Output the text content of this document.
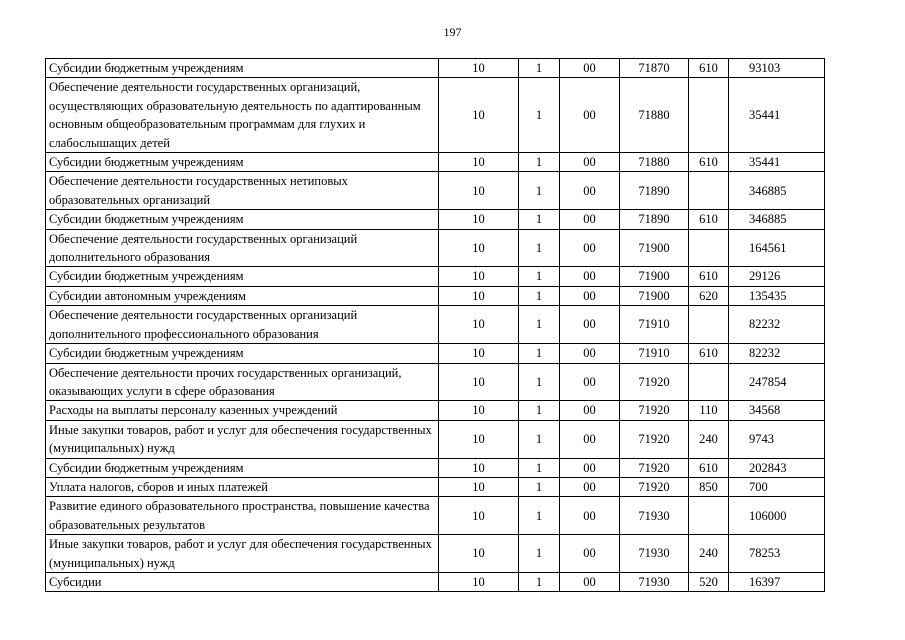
197
Субсидии бюджетным учреждениям	10	1	00	71870	610	93103
Обеспечение деятельности государственных организаций, осуществляющих образовательную деятельность по адаптированным основным общеобразовательным программам для глухих и слабослышащих детей	10	1	00	71880		35441
Субсидии бюджетным учреждениям	10	1	00	71880	610	35441
Обеспечение деятельности государственных нетиповых образовательных организаций	10	1	00	71890		346885
Субсидии бюджетным учреждениям	10	1	00	71890	610	346885
Обеспечение деятельности государственных организаций дополнительного образования	10	1	00	71900		164561
Субсидии бюджетным учреждениям	10	1	00	71900	610	29126
Субсидии автономным учреждениям	10	1	00	71900	620	135435
Обеспечение деятельности государственных организаций дополнительного профессионального образования	10	1	00	71910		82232
Субсидии бюджетным учреждениям	10	1	00	71910	610	82232
Обеспечение деятельности прочих государственных организаций, оказывающих услуги в сфере образования	10	1	00	71920		247854
Расходы на выплаты персоналу казенных учреждений	10	1	00	71920	110	34568
Иные закупки товаров, работ и услуг для обеспечения государственных (муниципальных) нужд	10	1	00	71920	240	9743
Субсидии бюджетным учреждениям	10	1	00	71920	610	202843
Уплата налогов, сборов и иных платежей	10	1	00	71920	850	700
Развитие единого образовательного пространства, повышение качества образовательных результатов	10	1	00	71930		106000
Иные закупки товаров, работ и услуг для обеспечения государственных (муниципальных) нужд	10	1	00	71930	240	78253
Субсидии	10	1	00	71930	520	16397
